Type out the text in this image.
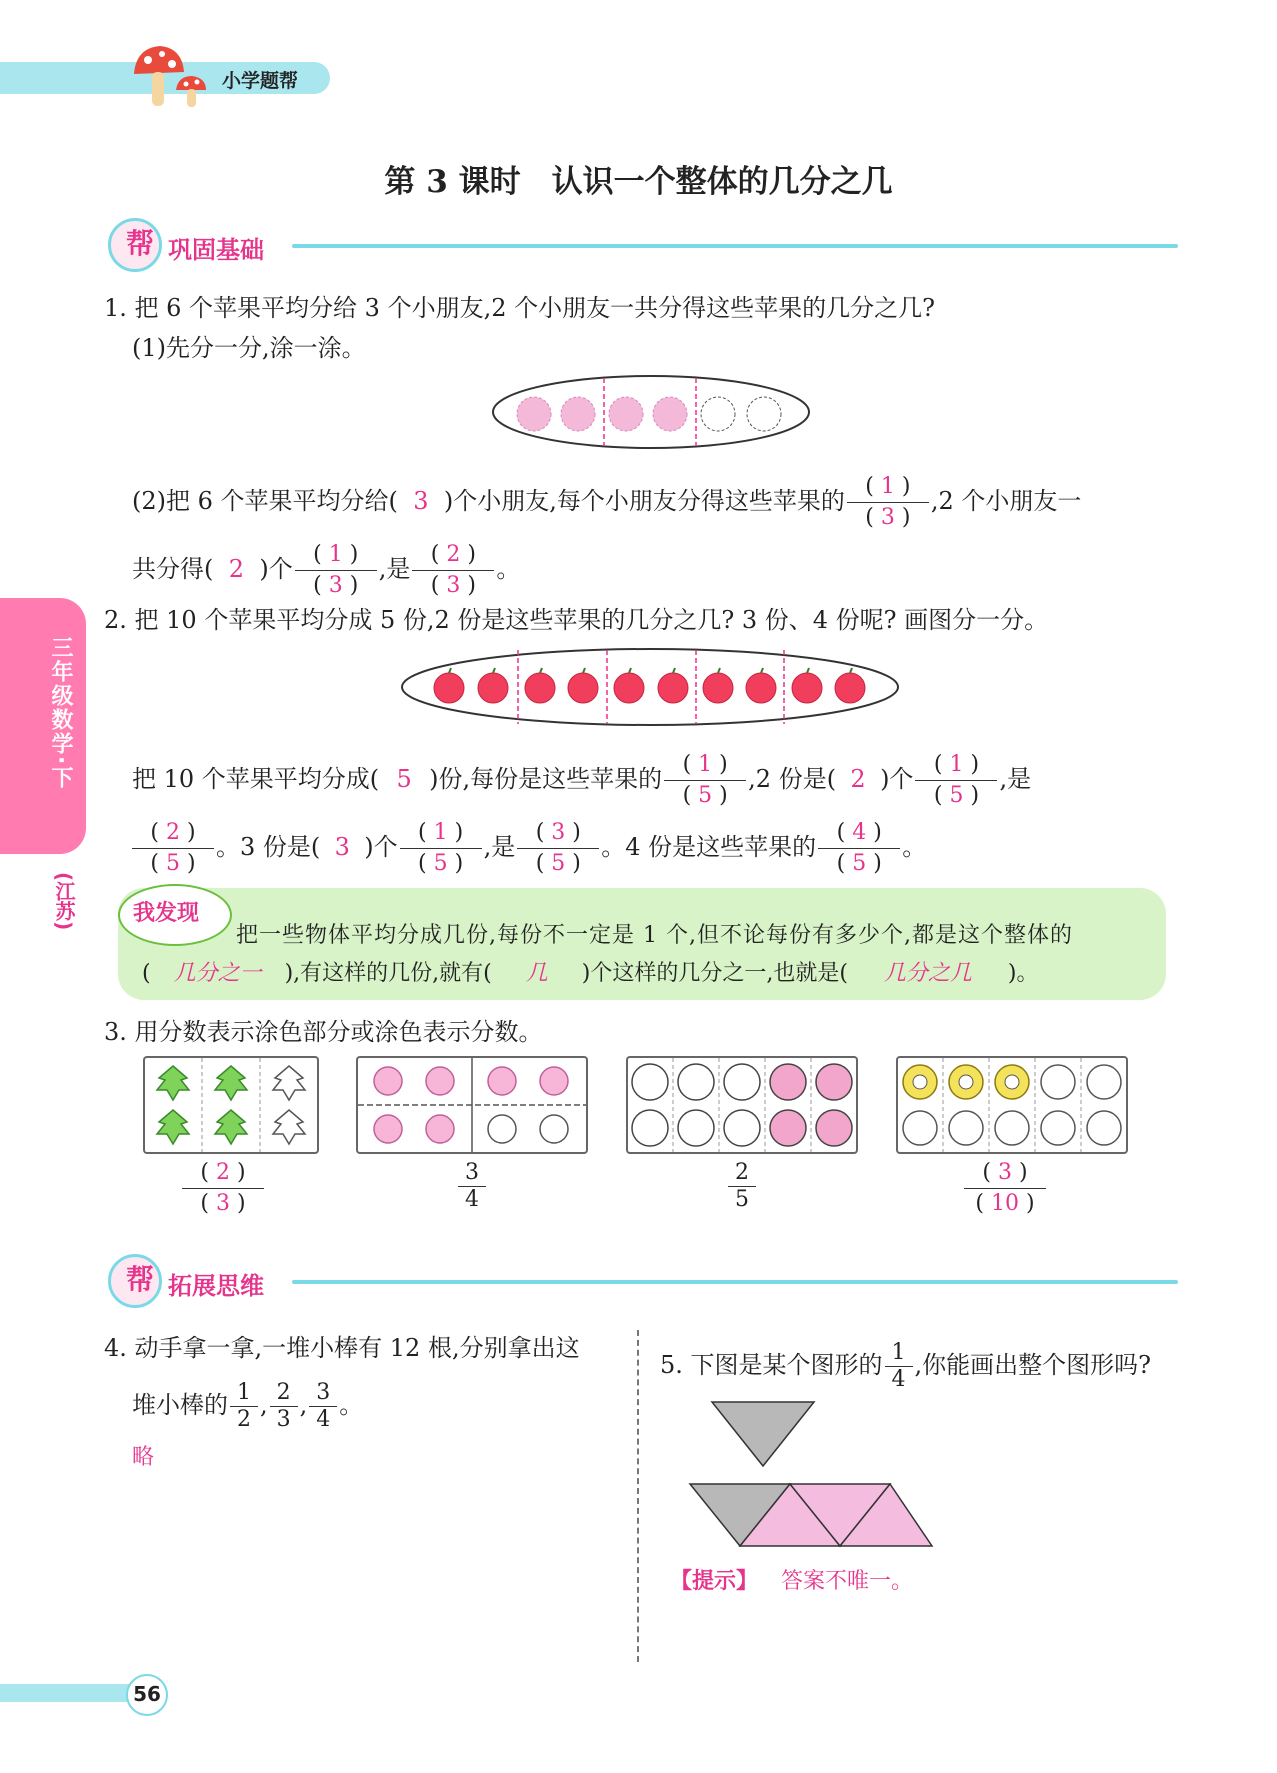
小学题帮
第 3 课时　认识一个整体的几分之几
帮 巩固基础
三年级数学·下
(江苏)
1. 把 6 个苹果平均分给 3 个小朋友,2 个小朋友一共分得这些苹果的几分之几?
(1)先分一分,涂一涂。
(2)把 6 个苹果平均分给( 3 )个小朋友,每个小朋友分得这些苹果的 $\frac{( 1 )}{( 3 )} ,2$ 个小朋友一
共分得( 2 )个 $\frac{( 1 )}{( 3 )}$ ,是 $\frac{( 2 )}{( 3 )}$ 。
2. 把 10 个苹果平均分成 5 份,2 份是这些苹果的几分之几? 3 份、4 份呢? 画图分一分。
把 10 个苹果平均分成( 5 )份,每份是这些苹果的 $\frac{( 1 )}{( 5 )} ,2$ 份是( 2 )个 $\frac{( 1 )}{( 5 )}$ ,是
$\frac{( 2 )}{( 5 )}$ 。3 份是( 3 )个 $\frac{( 1 )}{( 5 )}$ ,是 $\frac{( 3 )}{( 5 )}$ 。4 份是这些苹果的 $\frac{( 4 )}{( 5 )}$ 。
我发现
把一些物体平均分成几份,每份不一定是 1 个,但不论每份有多少个,都是这个整体的
( 几分之一 ),有这样的几份,就有( 几 )个这样的几分之一,也就是( 几分之几 )。
3. 用分数表示涂色部分或涂色表示分数。
$\frac{( 2 )}{( 3 )}$	$\frac{3}{4}$	$\frac{2}{5}$	$\frac{( 3 )}{( 10 )}$
帮 拓展思维
4. 动手拿一拿,一堆小棒有 12 根,分别拿出这
堆小棒的 $\frac{1}{2}$ , $\frac{2}{3}$ , $\frac{3}{4}$ 。
略
5. 下图是某个图形的 $\frac{1}{4}$ ,你能画出整个图形吗?
【提示】 答案不唯一。
56
